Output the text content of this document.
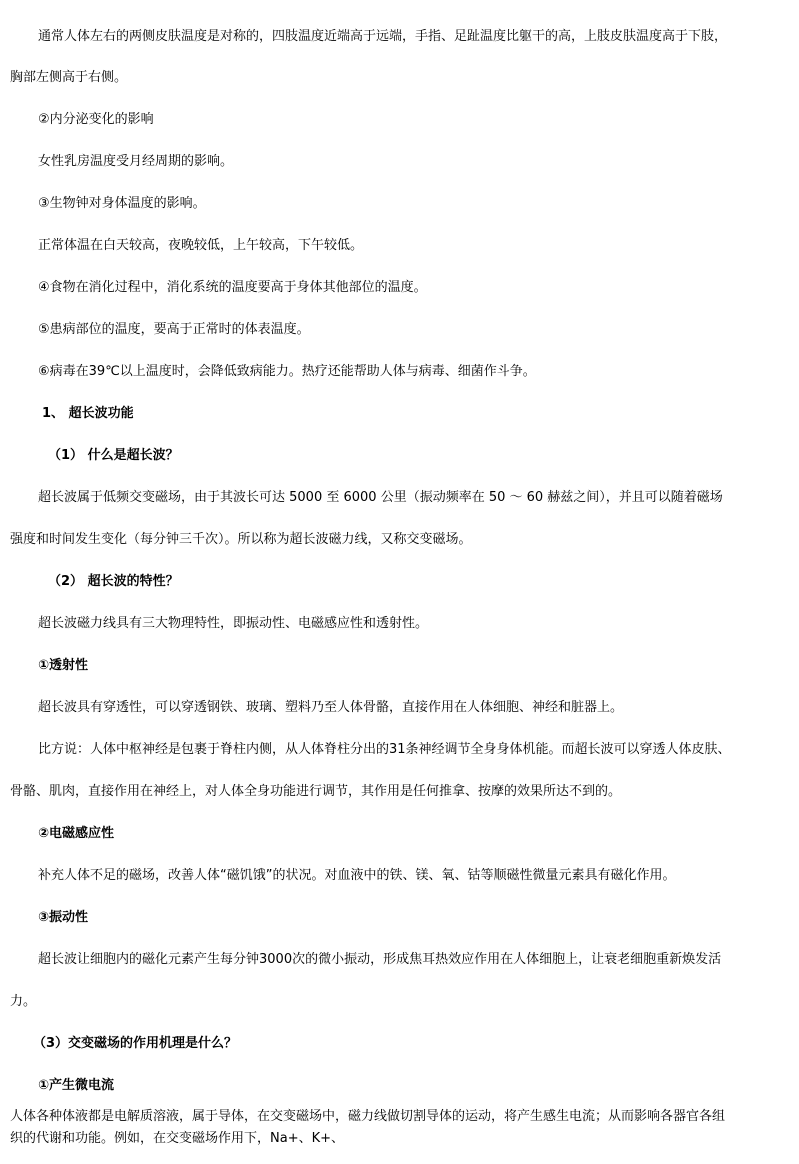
通常人体左右的两侧皮肤温度是对称的，四肢温度近端高于远端，手指、足趾温度比躯干的高，上肢皮肤温度高于下肢，
胸部左侧高于右侧。
②内分泌变化的影响
女性乳房温度受月经周期的影响。
③生物钟对身体温度的影响。
正常体温在白天较高，夜晚较低，上午较高，下午较低。
④食物在消化过程中，消化系统的温度要高于身体其他部位的温度。
⑤患病部位的温度，要高于正常时的体表温度。
⑥病毒在39℃以上温度时，会降低致病能力。热疗还能帮助人体与病毒、细菌作斗争。
1、 超长波功能
（1） 什么是超长波？
超长波属于低频交变磁场，由于其波长可达 5000 至 6000 公里（振动频率在 50 ～ 60 赫兹之间），并且可以随着磁场
强度和时间发生变化（每分钟三千次）。所以称为超长波磁力线，又称交变磁场。
（2） 超长波的特性？
超长波磁力线具有三大物理特性，即振动性、电磁感应性和透射性。
①透射性
超长波具有穿透性，可以穿透钢铁、玻璃、塑料乃至人体骨骼，直接作用在人体细胞、神经和脏器上。
比方说：人体中枢神经是包裹于脊柱内侧，从人体脊柱分出的31条神经调节全身身体机能。而超长波可以穿透人体皮肤、
骨骼、肌肉，直接作用在神经上，对人体全身功能进行调节，其作用是任何推拿、按摩的效果所达不到的。
②电磁感应性
补充人体不足的磁场，改善人体“磁饥饿”的状况。对血液中的铁、镁、氧、钴等顺磁性微量元素具有磁化作用。
③振动性
超长波让细胞内的磁化元素产生每分钟3000次的微小振动，形成焦耳热效应作用在人体细胞上，让衰老细胞重新焕发活
力。
（3）交变磁场的作用机理是什么？
①产生微电流
人体各种体液都是电解质溶液，属于导体，在交变磁场中，磁力线做切割导体的运动，将产生感生电流；从而影响各器官各组
织的代谢和功能。例如，在交变磁场作用下，Na+、K+、
